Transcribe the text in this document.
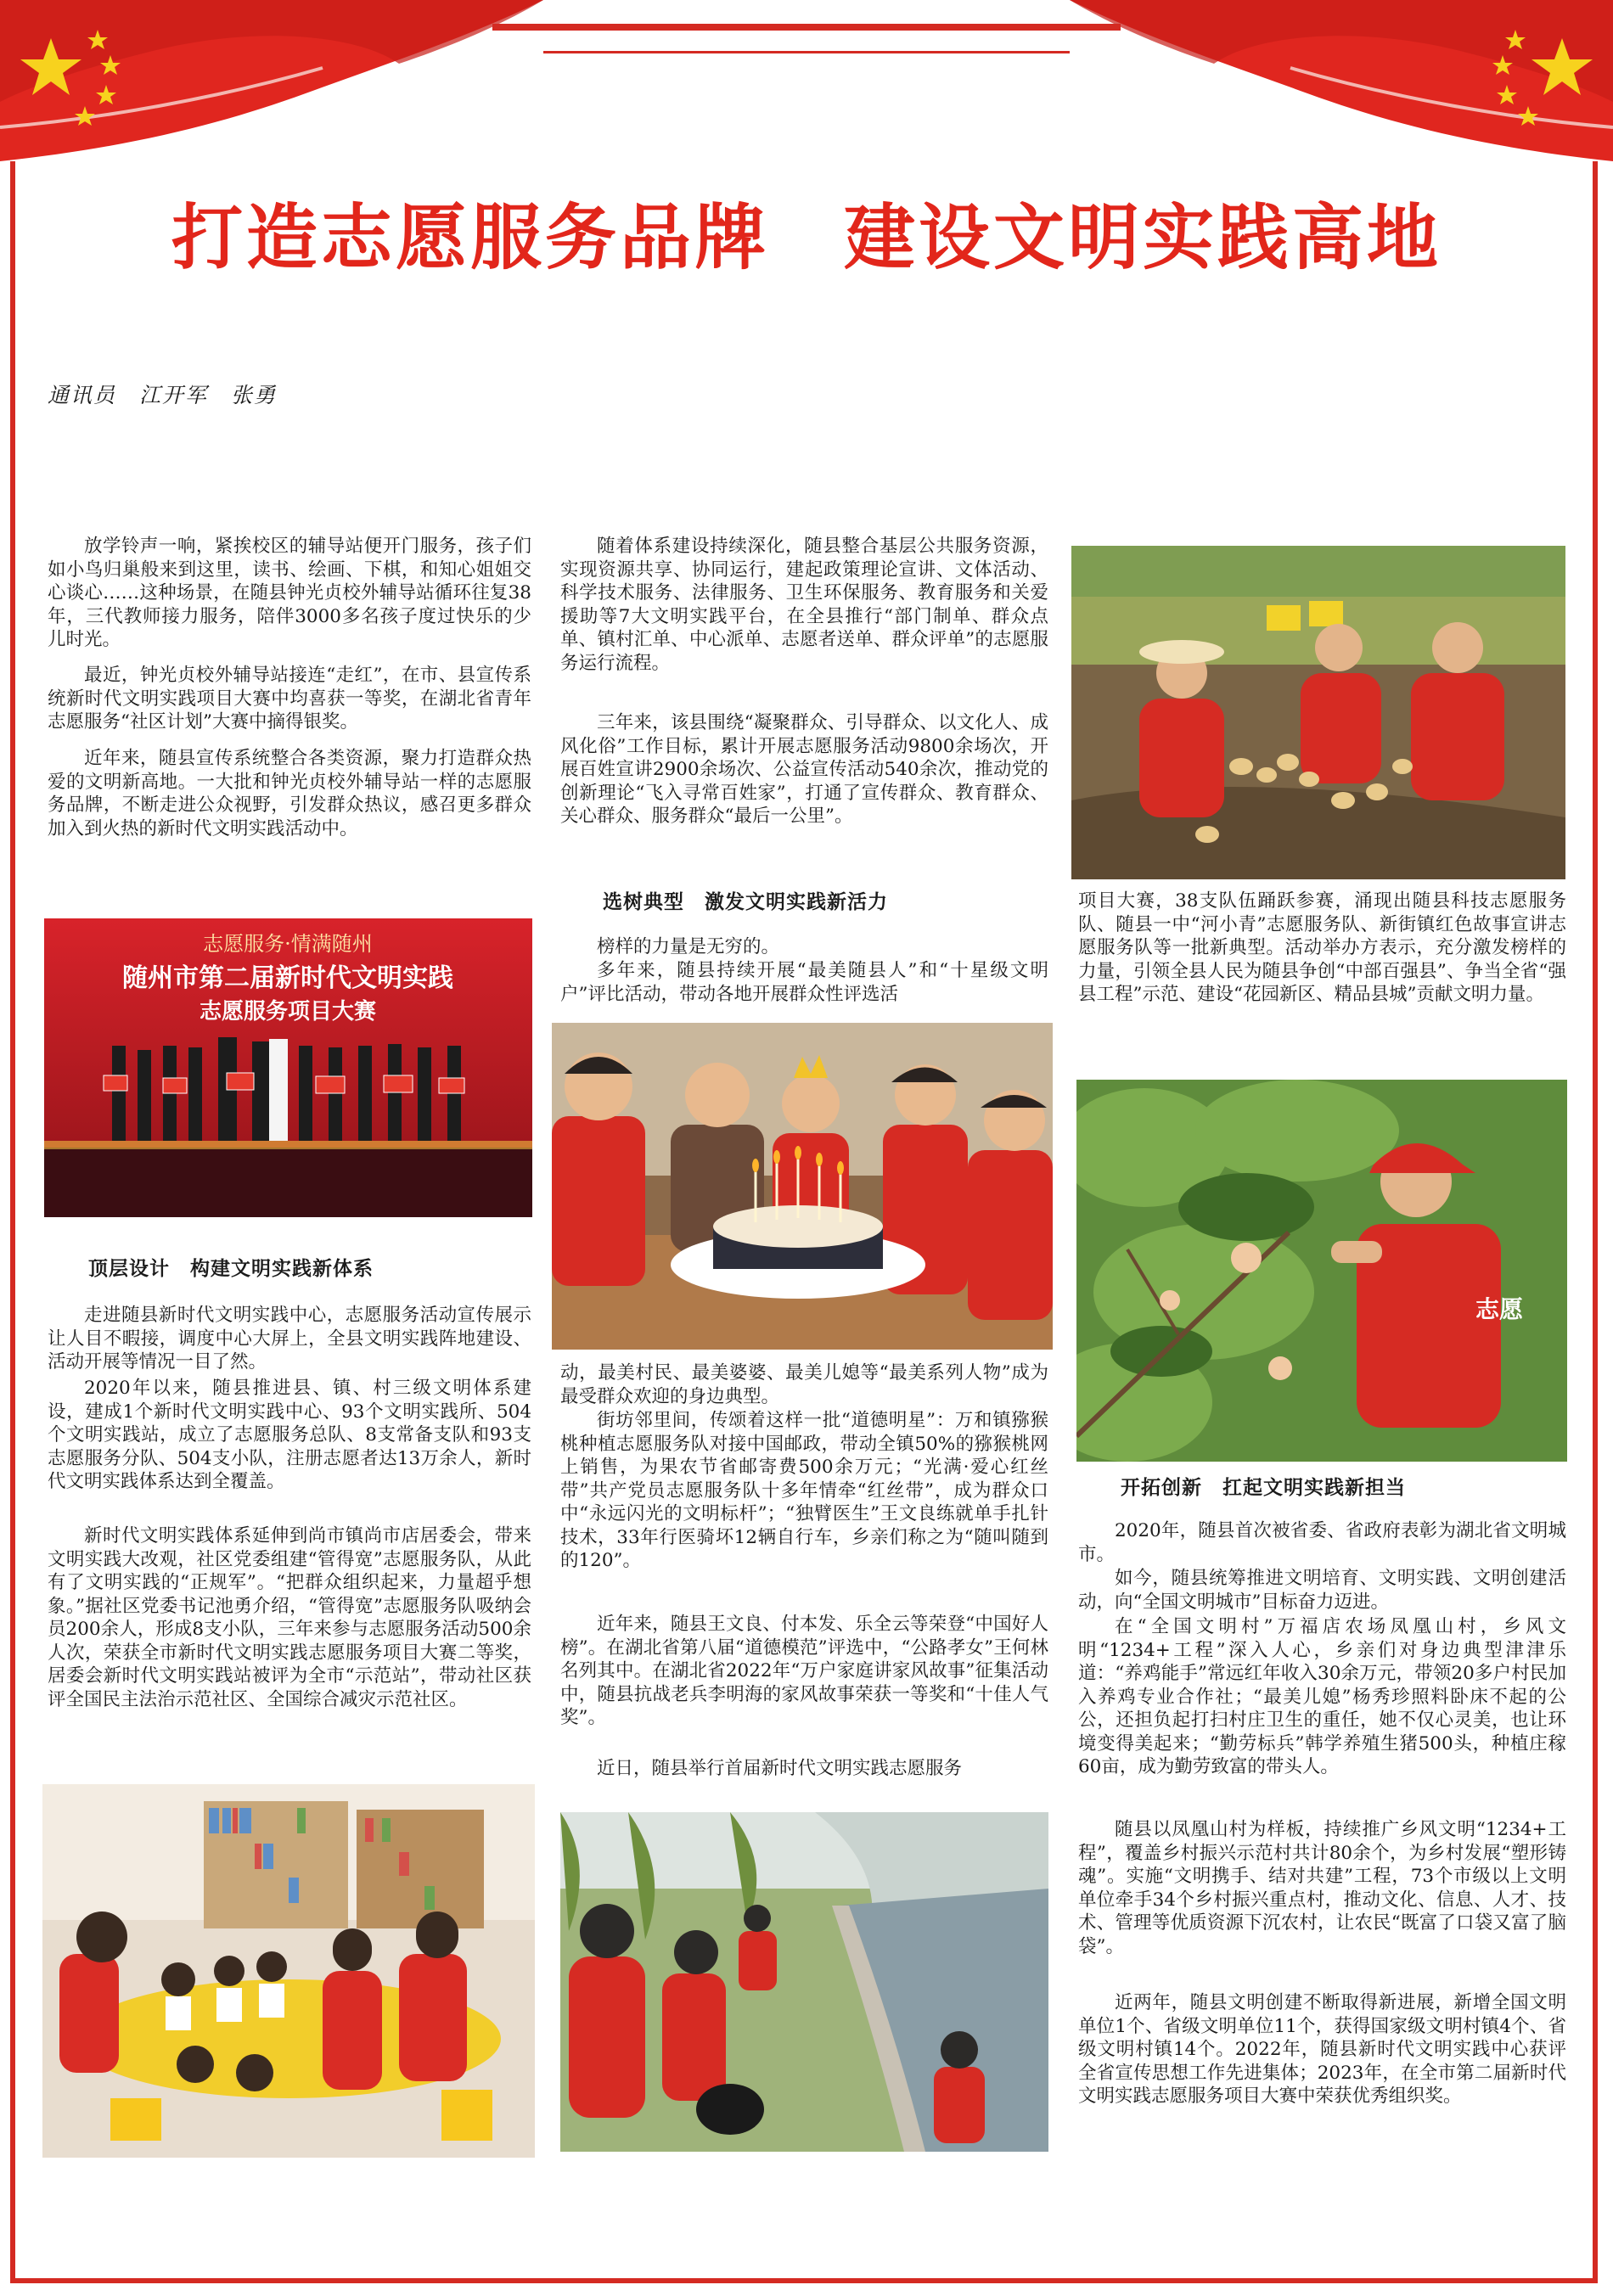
打造志愿服务品牌　建设文明实践高地
通讯员　江开军　张勇

放学铃声一响，紧挨校区的辅导站便开门服务，孩子们如小鸟归巢般来到这里，读书、绘画、下棋，和知心姐姐交心谈心……这种场景，在随县钟光贞校外辅导站循环往复38年，三代教师接力服务，陪伴3000多名孩子度过快乐的少儿时光。

最近，钟光贞校外辅导站接连“走红”，在市、县宣传系统新时代文明实践项目大赛中均喜获一等奖，在湖北省青年志愿服务“社区计划”大赛中摘得银奖。

近年来，随县宣传系统整合各类资源，聚力打造群众热爱的文明新高地。一大批和钟光贞校外辅导站一样的志愿服务品牌，不断走进公众视野，引发群众热议，感召更多群众加入到火热的新时代文明实践活动中。

志愿服务·情满随州
随州市第二届新时代文明实践
志愿服务项目大赛
顶层设计　构建文明实践新体系

走进随县新时代文明实践中心，志愿服务活动宣传展示让人目不暇接，调度中心大屏上，全县文明实践阵地建设、活动开展等情况一目了然。

2020年以来，随县推进县、镇、村三级文明体系建设，建成1个新时代文明实践中心、93个文明实践所、504个文明实践站，成立了志愿服务总队、8支常备支队和93支志愿服务分队、504支小队，注册志愿者达13万余人，新时代文明实践体系达到全覆盖。

新时代文明实践体系延伸到尚市镇尚市店居委会，带来文明实践大改观，社区党委组建“管得宽”志愿服务队，从此有了文明实践的“正规军”。“把群众组织起来，力量超乎想象。”据社区党委书记池勇介绍，“管得宽”志愿服务队吸纳会员200余人，形成8支小队，三年来参与志愿服务活动500余人次，荣获全市新时代文明实践志愿服务项目大赛二等奖，居委会新时代文明实践站被评为全市“示范站”，带动社区获评全国民主法治示范社区、全国综合减灾示范社区。

随着体系建设持续深化，随县整合基层公共服务资源，实现资源共享、协同运行，建起政策理论宣讲、文体活动、科学技术服务、法律服务、卫生环保服务、教育服务和关爱援助等7大文明实践平台，在全县推行“部门制单、群众点单、镇村汇单、中心派单、志愿者送单、群众评单”的志愿服务运行流程。

三年来，该县围绕“凝聚群众、引导群众、以文化人、成风化俗”工作目标，累计开展志愿服务活动9800余场次，开展百姓宣讲2900余场次、公益宣传活动540余次，推动党的创新理论“飞入寻常百姓家”，打通了宣传群众、教育群众、关心群众、服务群众“最后一公里”。

选树典型　激发文明实践新活力

榜样的力量是无穷的。

多年来，随县持续开展“最美随县人”和“十星级文明户”评比活动，带动各地开展群众性评选活

动，最美村民、最美婆婆、最美儿媳等“最美系列人物”成为最受群众欢迎的身边典型。

街坊邻里间，传颂着这样一批“道德明星”：万和镇猕猴桃种植志愿服务队对接中国邮政，带动全镇50%的猕猴桃网上销售，为果农节省邮寄费500余万元；“光满·爱心红丝带”共产党员志愿服务队十多年情牵“红丝带”，成为群众口中“永远闪光的文明标杆”；“独臂医生”王文良练就单手扎针技术，33年行医骑坏12辆自行车，乡亲们称之为“随叫随到的120”。

近年来，随县王文良、付本发、乐全云等荣登“中国好人榜”。在湖北省第八届“道德模范”评选中，“公路孝女”王何林名列其中。在湖北省2022年“万户家庭讲家风故事”征集活动中，随县抗战老兵李明海的家风故事荣获一等奖和“十佳人气奖”。

近日，随县举行首届新时代文明实践志愿服务

项目大赛，38支队伍踊跃参赛，涌现出随县科技志愿服务队、随县一中“河小青”志愿服务队、新街镇红色故事宣讲志愿服务队等一批新典型。活动举办方表示，充分激发榜样的力量，引领全县人民为随县争创“中部百强县”、争当全省“强县工程”示范、建设“花园新区、精品县城”贡献文明力量。

志愿
开拓创新　扛起文明实践新担当

2020年，随县首次被省委、省政府表彰为湖北省文明城市。

如今，随县统筹推进文明培育、文明实践、文明创建活动，向“全国文明城市”目标奋力迈进。

在“全国文明村”万福店农场凤凰山村，乡风文明“1234+工程”深入人心，乡亲们对身边典型津津乐道：“养鸡能手”常远红年收入30余万元，带领20多户村民加入养鸡专业合作社；“最美儿媳”杨秀珍照料卧床不起的公公，还担负起打扫村庄卫生的重任，她不仅心灵美，也让环境变得美起来；“勤劳标兵”韩学养殖生猪500头，种植庄稼60亩，成为勤劳致富的带头人。

随县以凤凰山村为样板，持续推广乡风文明“1234+工程”，覆盖乡村振兴示范村共计80余个，为乡村发展“塑形铸魂”。实施“文明携手、结对共建”工程，73个市级以上文明单位牵手34个乡村振兴重点村，推动文化、信息、人才、技术、管理等优质资源下沉农村，让农民“既富了口袋又富了脑袋”。

近两年，随县文明创建不断取得新进展，新增全国文明单位1个、省级文明单位11个，获得国家级文明村镇4个、省级文明村镇14个。2022年，随县新时代文明实践中心获评全省宣传思想工作先进集体；2023年，在全市第二届新时代文明实践志愿服务项目大赛中荣获优秀组织奖。
